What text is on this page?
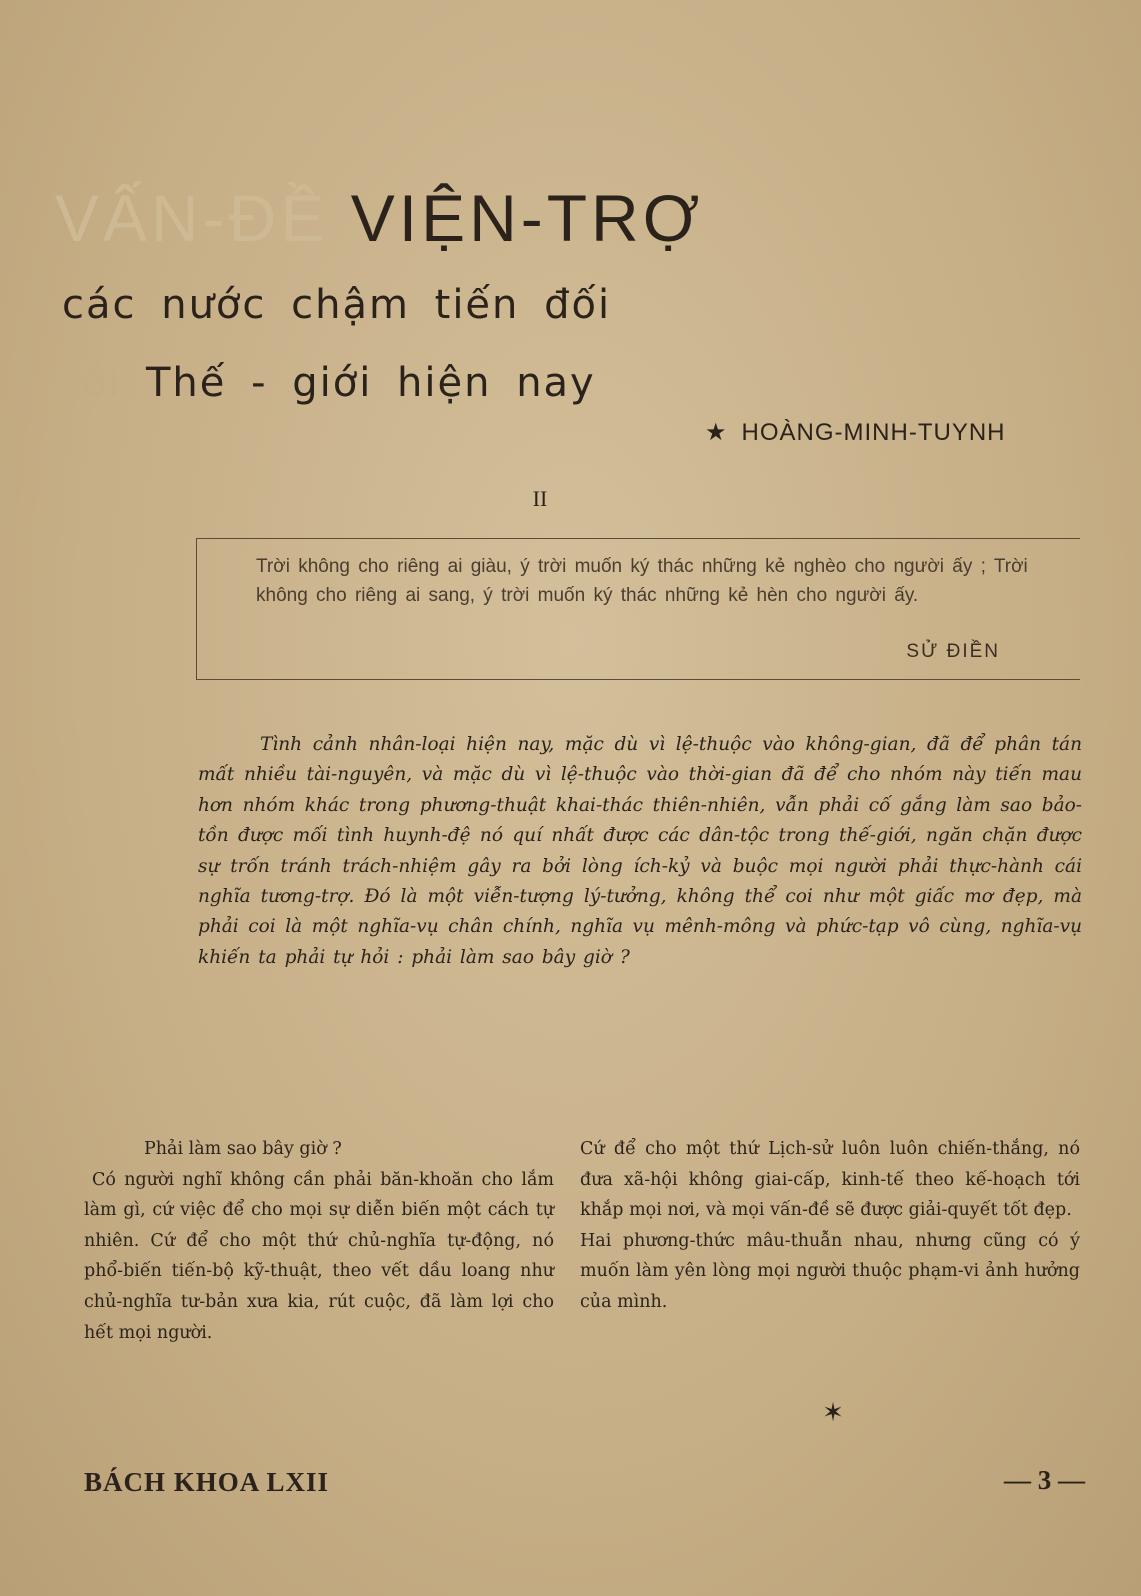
VẤN-ĐỀ VIỆN-TRỢ
các nước chậm tiến đối
với Thế - giới hiện nay
★ HOÀNG-MINH-TUYNH
II
Trời không cho riêng ai giàu, ý trời muốn ký thác những kẻ nghèo cho người ấy ; Trời không cho riêng ai sang, ý trời muốn ký thác những kẻ hèn cho người ấy.
SỬ ĐIỀN

Tình cảnh nhân-loại hiện nay, mặc dù vì lệ-thuộc vào không-gian, đã để phân tán mất nhiều tài-nguyên, và mặc dù vì lệ-thuộc vào thời-gian đã để cho nhóm này tiến mau hơn nhóm khác trong phương-thuật khai-thác thiên-nhiên, vẫn phải cố gắng làm sao bảo-tồn được mối tình huynh-đệ nó quí nhất được các dân-tộc trong thế-giới, ngăn chặn được sự trốn tránh trách-nhiệm gây ra bởi lòng ích-kỷ và buộc mọi người phải thực-hành cái nghĩa tương-trợ. Đó là một viễn-tượng lý-tưởng, không thể coi như một giấc mơ đẹp, mà phải coi là một nghĩa-vụ chân chính, nghĩa vụ mênh-mông và phức-tạp vô cùng, nghĩa-vụ khiến ta phải tự hỏi : phải làm sao bây giờ ?

Phải làm sao bây giờ ?

Có người nghĩ không cần phải băn-khoăn cho lắm làm gì, cứ việc để cho mọi sự diễn biến một cách tự nhiên. Cứ để cho một thứ chủ-nghĩa tự-động, nó phổ-biến tiến-bộ kỹ-thuật, theo vết dầu loang như chủ-nghĩa tư-bản xưa kia, rút cuộc, đã làm lợi cho hết mọi người.

Cứ để cho một thứ Lịch-sử luôn luôn chiến-thắng, nó đưa xã-hội không giai-cấp, kinh-tế theo kế-hoạch tới khắp mọi nơi, và mọi vấn-đề sẽ được giải-quyết tốt đẹp.

Hai phương-thức mâu-thuẫn nhau, nhưng cũng có ý muốn làm yên lòng mọi người thuộc phạm-vi ảnh hưởng của mình.

✶
BÁCH KHOA LXII	— 3 —
